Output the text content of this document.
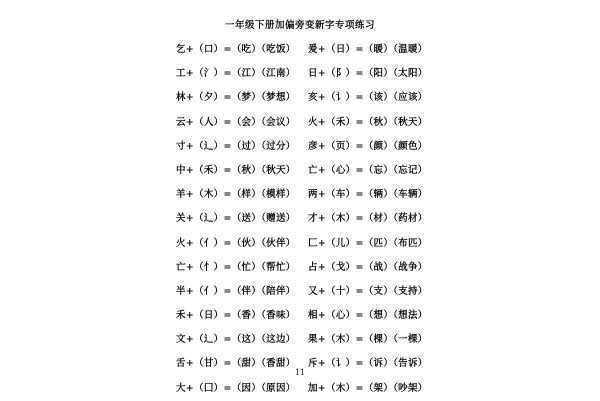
一年级下册加偏旁变新字专项练习
乞+（口）=（吃）（吃饭）
工+（氵）=（江）（江南）
林+（夕）=（梦）（梦想）
云+（人）=（会）（会议）
寸+（辶）=（过）（过分）
中+（禾）=（秋）（秋天）
羊+（木）=（样）（模样）
关+（辶）=（送）（赠送）
火+（亻）=（伙）（伙伴）
亡+（忄）=（忙）（帮忙）
半+（亻）=（伴）（陪伴）
禾+（日）=（香）（香味）
文+（辶）=（这）（这边）
舌+（甘）=（甜）（香甜）
大+（囗）=（因）（原因）
爰+（日）=（暖）（温暖）
日+（阝）=（阳）（太阳）
亥+（讠）=（该）（应该）
火+（禾）=（秋）（秋天）
彦+（页）=（颜）（颜色）
亡+（心）=（忘）（忘记）
两+（车）=（辆）（车辆）
才+（木）=（材）（药材）
匚+（儿）=（匹）（布匹）
占+（戈）=（战）（战争）
又+（十）=（支）（支持）
相+（心）=（想）（想法）
果+（木）=（棵）（一棵）
斥+（讠）=（诉）（告诉）
加+（木）=（架）（吵架）
11
